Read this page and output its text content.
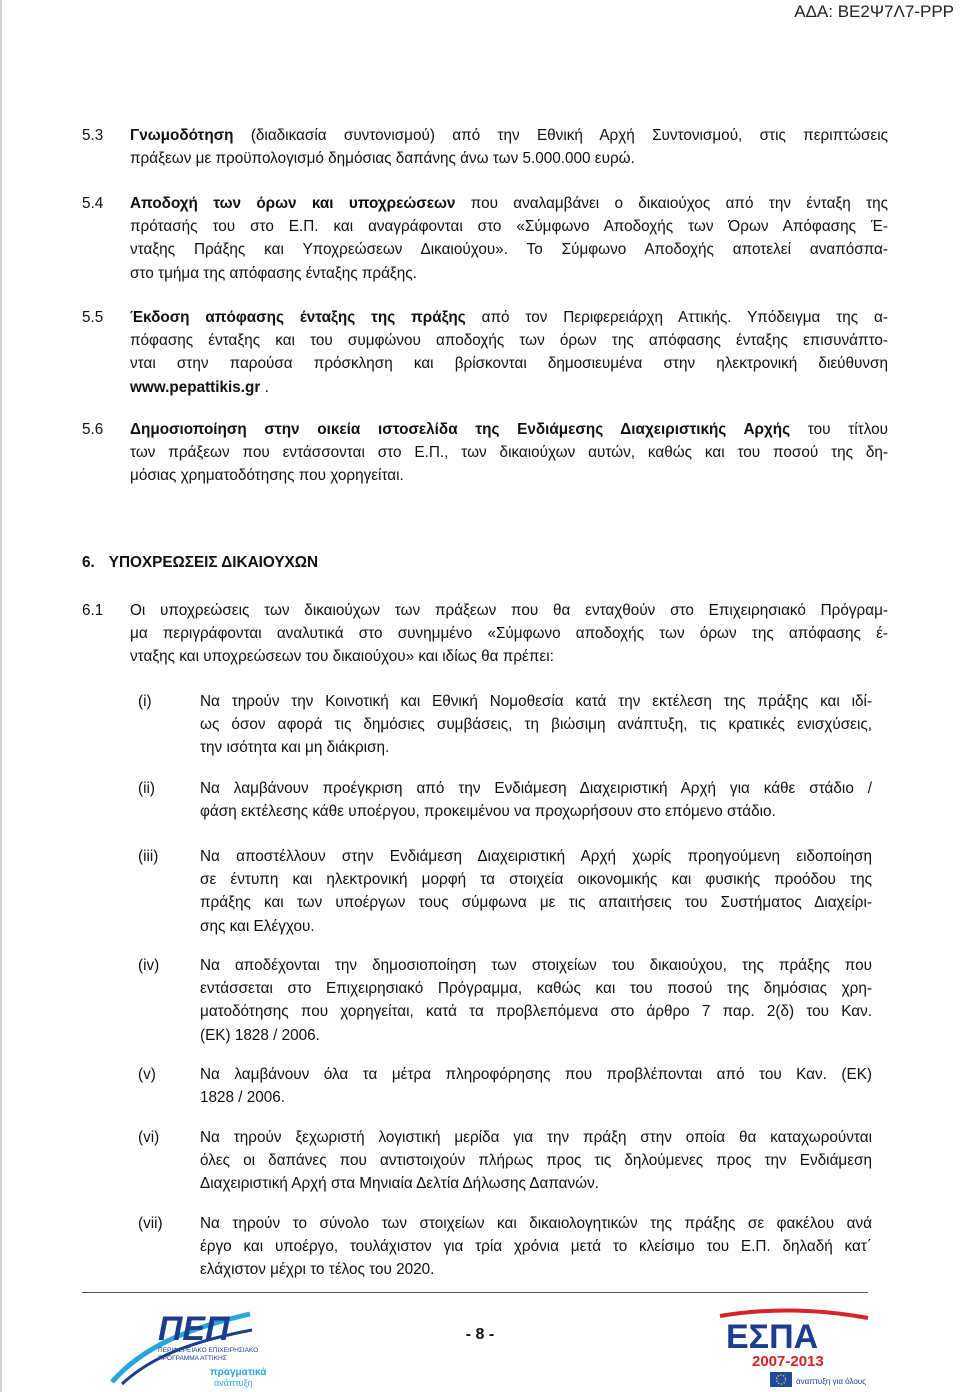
ΑΔΑ: ΒΕ2Ψ7Λ7-ΡΡΡ
5.3 Γνωμοδότηση (διαδικασία συντονισμού) από την Εθνική Αρχή Συντονισμού, στις περιπτώσεις
πράξεων με προϋπολογισμό δημόσιας δαπάνης άνω των 5.000.000 ευρώ.
5.4 Αποδοχή των όρων και υποχρεώσεων που αναλαμβάνει ο δικαιούχος από την ένταξη της
πρότασής του στο Ε.Π. και αναγράφονται στο «Σύμφωνο Αποδοχής των Όρων Απόφασης Έ-
νταξης Πράξης και Υποχρεώσεων Δικαιούχου». Το Σύμφωνο Αποδοχής αποτελεί αναπόσπα-
στο τμήμα της απόφασης ένταξης πράξης.
5.5 Έκδοση απόφασης ένταξης της πράξης από τον Περιφερειάρχη Αττικής. Υπόδειγμα της α-
πόφασης ένταξης και του συμφώνου αποδοχής των όρων της απόφασης ένταξης επισυνάπτο-
νται στην παρούσα πρόσκληση και βρίσκονται δημοσιευμένα στην ηλεκτρονική διεύθυνση
www.pepattikis.gr .
5.6 Δημοσιοποίηση στην οικεία ιστοσελίδα της Ενδιάμεσης Διαχειριστικής Αρχής του τίτλου
των πράξεων που εντάσσονται στο Ε.Π., των δικαιούχων αυτών, καθώς και του ποσού της δη-
μόσιας χρηματοδότησης που χορηγείται.
6. ΥΠΟΧΡΕΩΣΕΙΣ ΔΙΚΑΙΟΥΧΩΝ
6.1 Οι υποχρεώσεις των δικαιούχων των πράξεων που θα ενταχθούν στο Επιχειρησιακό Πρόγραμ-
μα περιγράφονται αναλυτικά στο συνημμένο «Σύμφωνο αποδοχής των όρων της απόφασης έ-
νταξης και υποχρεώσεων του δικαιούχου» και ιδίως θα πρέπει:
(i)	Να τηρούν την Κοινοτική και Εθνική Νομοθεσία κατά την εκτέλεση της πράξης και ιδί-
ως όσον αφορά τις δημόσιες συμβάσεις, τη βιώσιμη ανάπτυξη, τις κρατικές ενισχύσεις,
την ισότητα και μη διάκριση.
(ii)	Να λαμβάνουν προέγκριση από την Ενδιάμεση Διαχειριστική Αρχή για κάθε στάδιο /
φάση εκτέλεσης κάθε υποέργου, προκειμένου να προχωρήσουν στο επόμενο στάδιο.
(iii)	Να αποστέλλουν στην Ενδιάμεση Διαχειριστική Αρχή χωρίς προηγούμενη ειδοποίηση
σε έντυπη και ηλεκτρονική μορφή τα στοιχεία οικονομικής και φυσικής προόδου της
πράξης και των υποέργων τους σύμφωνα με τις απαιτήσεις του Συστήματος Διαχείρι-
σης και Ελέγχου.
(iv)	Να αποδέχονται την δημοσιοποίηση των στοιχείων του δικαιούχου, της πράξης που
εντάσσεται στο Επιχειρησιακό Πρόγραμμα, καθώς και του ποσού της δημόσιας χρη-
ματοδότησης που χορηγείται, κατά τα προβλεπόμενα στο άρθρο 7 παρ. 2(δ) του Καν.
(ΕΚ) 1828 / 2006.
(v)	Να λαμβάνουν όλα τα μέτρα πληροφόρησης που προβλέπονται από του Καν. (ΕΚ)
1828 / 2006.
(vi)	Να τηρούν ξεχωριστή λογιστική μερίδα για την πράξη στην οποία θα καταχωρούνται
όλες οι δαπάνες που αντιστοιχούν πλήρως προς τις δηλούμενες προς την Ενδιάμεση
Διαχειριστική Αρχή στα Μηνιαία Δελτία Δήλωσης Δαπανών.
(vii) Να τηρούν το σύνολο των στοιχείων και δικαιολογητικών της πράξης σε φακέλου ανά
έργο και υποέργο, τουλάχιστον για τρία χρόνια μετά το κλείσιμο του Ε.Π. δηλαδή κατ΄
ελάχιστον μέχρι το τέλος του 2020.
ΠΕΠ
ΠΕΡΙΦΕΡΕΙΑΚΟ ΕΠΙΧΕΙΡΗΣΙΑΚΟ
ΠΡΟΓΡΑΜΜΑ ΑΤΤΙΚΗΣ
πραγματικά
ανάπτυξη
- 8 -	ΕΣΠΑ
2007-2013
αναπτυξη για όλους
